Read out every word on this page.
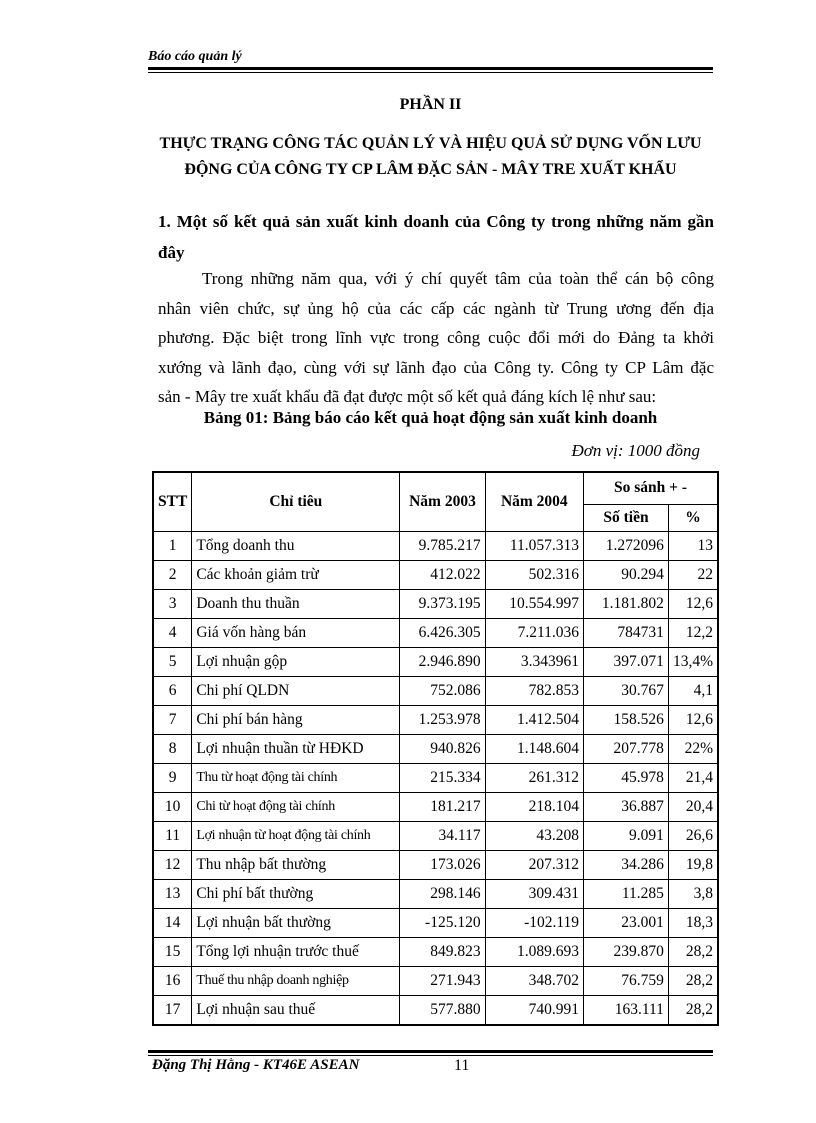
Báo cáo quản lý
PHẦN II
THỰC TRẠNG CÔNG TÁC QUẢN LÝ VÀ HIỆU QUẢ SỬ DỤNG VỐN LƯU
ĐỘNG CỦA CÔNG TY CP LÂM ĐẶC SẢN - MÂY TRE XUẤT KHẨU
1. Một số kết quả sản xuất kinh doanh của Công ty trong những năm gần
đây
Trong những năm qua, với ý chí quyết tâm của toàn thể cán bộ công
nhân viên chức, sự ủng hộ của các cấp các ngành từ Trung ương đến địa
phương. Đặc biệt trong lĩnh vực trong công cuộc đổi mới do Đảng ta khởi
xướng và lãnh đạo, cùng với sự lãnh đạo của Công ty. Công ty CP Lâm đặc
sản - Mây tre xuất khẩu đã đạt được một số kết quả đáng kích lệ như sau:
Bảng 01: Bảng báo cáo kết quả hoạt động sản xuất kinh doanh
Đơn vị: 1000 đồng
STT	Chỉ tiêu	Năm 2003	Năm 2004	So sánh + -	
				Số tiền	%
1	Tổng doanh thu	9.785.217	11.057.313	1.272096	13
2	Các khoản giảm trừ	412.022	502.316	90.294	22
3	Doanh thu thuần	9.373.195	10.554.997	1.181.802	12,6
4	Giá vốn hàng bán	6.426.305	7.211.036	784731	12,2
5	Lợi nhuận gộp	2.946.890	3.343961	397.071	13,4%
6	Chi phí QLDN	752.086	782.853	30.767	4,1
7	Chi phí bán hàng	1.253.978	1.412.504	158.526	12,6
8	Lợi nhuận thuần từ HĐKD	940.826	1.148.604	207.778	22%
9	Thu từ hoạt động tài chính	215.334	261.312	45.978	21,4
10	Chi từ hoạt động tài chính	181.217	218.104	36.887	20,4
11	Lợi nhuận từ hoạt động tài chính	34.117	43.208	9.091	26,6
12	Thu nhập bất thường	173.026	207.312	34.286	19,8
13	Chi phí bất thường	298.146	309.431	11.285	3,8
14	Lợi nhuận bất thường	-125.120	-102.119	23.001	18,3
15	Tổng lợi nhuận trước thuế	849.823	1.089.693	239.870	28,2
16	Thuế thu nhập doanh nghiệp	271.943	348.702	76.759	28,2
17	Lợi nhuận sau thuế	577.880	740.991	163.111	28,2
Đặng Thị Hằng - KT46E ASEAN	11
